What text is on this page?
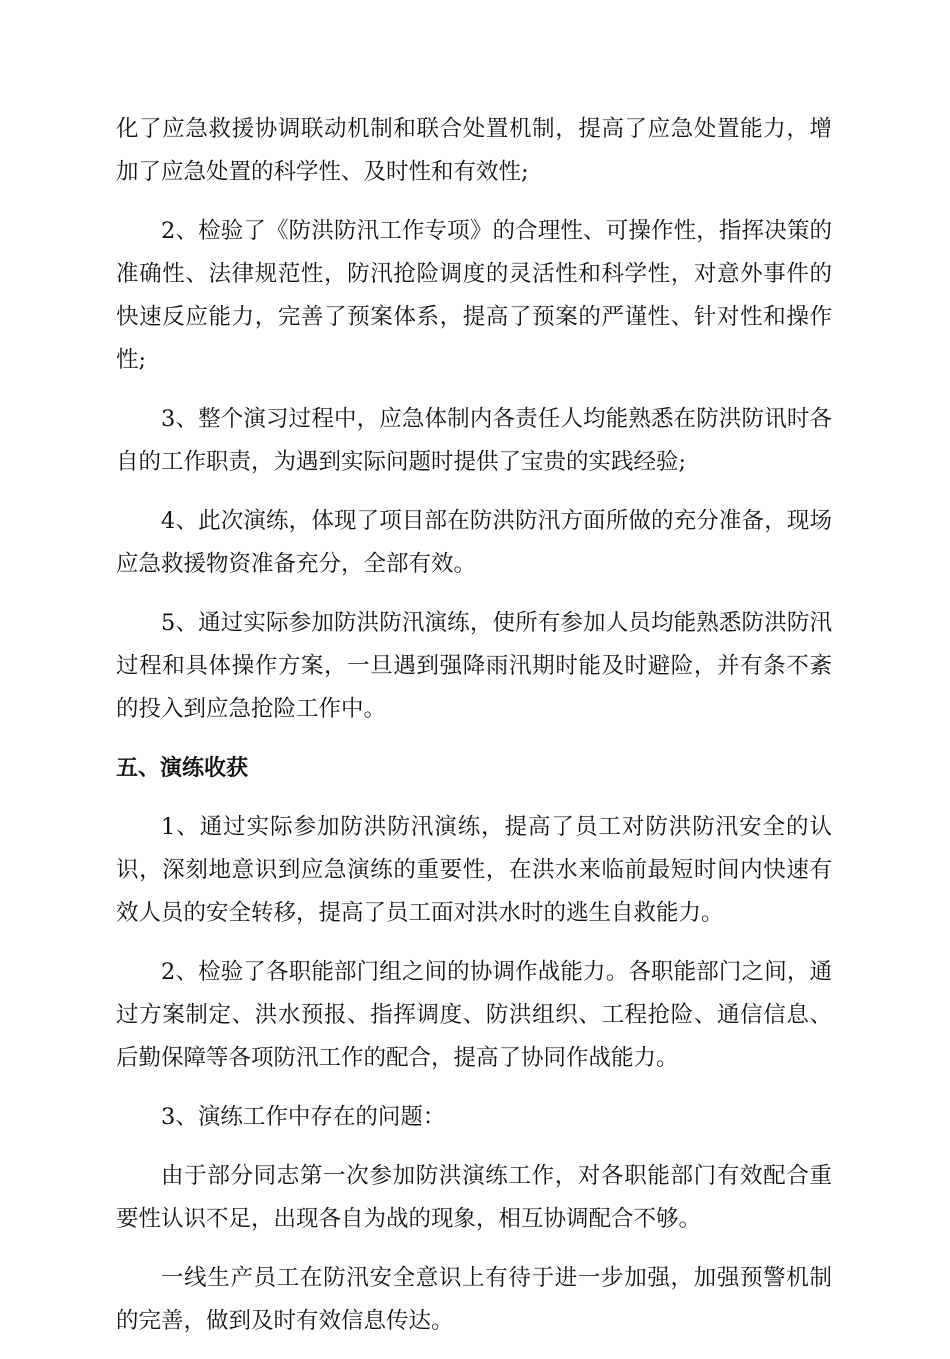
化了应急救援协调联动机制和联合处置机制，提高了应急处置能力，增加了应急处置的科学性、及时性和有效性;

2、检验了《防洪防汛工作专项》的合理性、可操作性，指挥决策的准确性、法律规范性，防汛抢险调度的灵活性和科学性，对意外事件的快速反应能力，完善了预案体系，提高了预案的严谨性、针对性和操作性;

3、整个演习过程中，应急体制内各责任人均能熟悉在防洪防讯时各自的工作职责，为遇到实际问题时提供了宝贵的实践经验;

4、此次演练，体现了项目部在防洪防汛方面所做的充分准备，现场应急救援物资准备充分，全部有效。

5、通过实际参加防洪防汛演练，使所有参加人员均能熟悉防洪防汛过程和具体操作方案，一旦遇到强降雨汛期时能及时避险，并有条不紊的投入到应急抢险工作中。

五、演练收获

1、通过实际参加防洪防汛演练，提高了员工对防洪防汛安全的认识，深刻地意识到应急演练的重要性，在洪水来临前最短时间内快速有效人员的安全转移，提高了员工面对洪水时的逃生自救能力。

2、检验了各职能部门组之间的协调作战能力。各职能部门之间，通过方案制定、洪水预报、指挥调度、防洪组织、工程抢险、通信信息、后勤保障等各项防汛工作的配合，提高了协同作战能力。

3、演练工作中存在的问题：

由于部分同志第一次参加防洪演练工作，对各职能部门有效配合重要性认识不足，出现各自为战的现象，相互协调配合不够。

一线生产员工在防汛安全意识上有待于进一步加强，加强预警机制的完善，做到及时有效信息传达。
